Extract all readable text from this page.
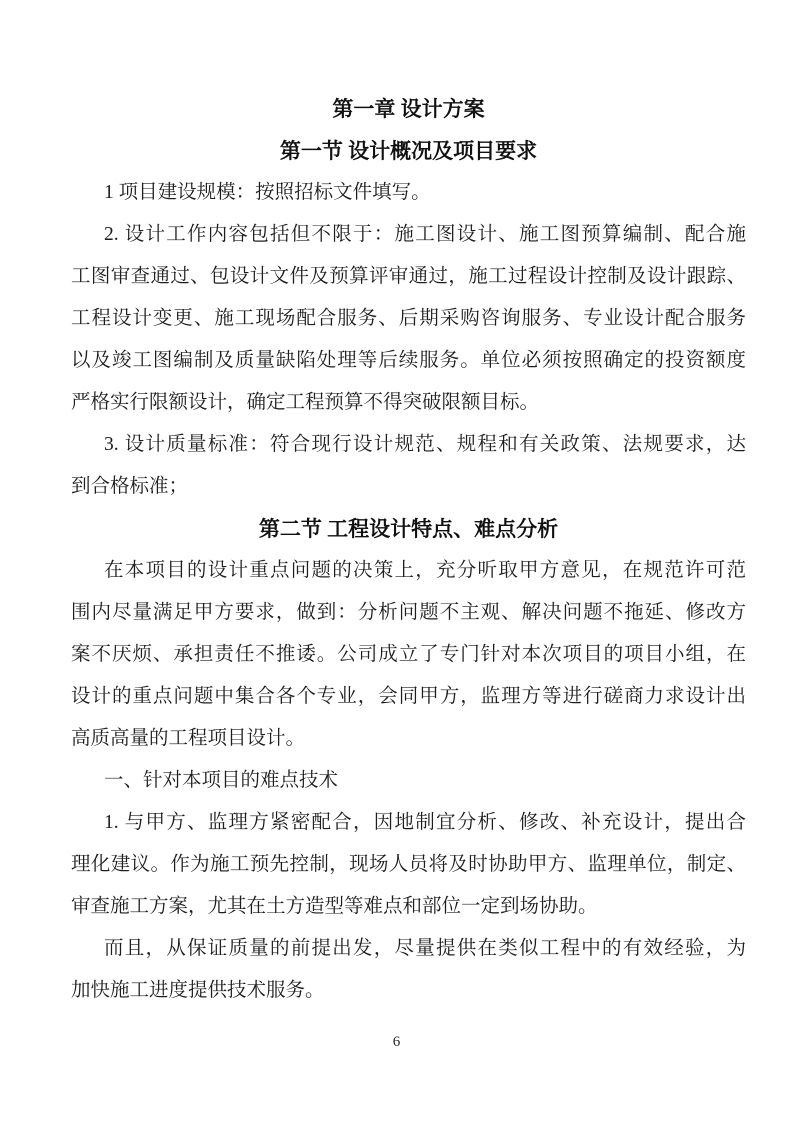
第一章 设计方案
第一节 设计概况及项目要求
1 项目建设规模：按照招标文件填写。
2. 设计工作内容包括但不限于：施工图设计、施工图预算编制、配合施
工图审查通过、包设计文件及预算评审通过，施工过程设计控制及设计跟踪、
工程设计变更、施工现场配合服务、后期采购咨询服务、专业设计配合服务
以及竣工图编制及质量缺陷处理等后续服务。单位必须按照确定的投资额度
严格实行限额设计，确定工程预算不得突破限额目标。
3. 设计质量标准：符合现行设计规范、规程和有关政策、法规要求，达
到合格标准；
第二节 工程设计特点、难点分析
在本项目的设计重点问题的决策上，充分听取甲方意见，在规范许可范
围内尽量满足甲方要求，做到：分析问题不主观、解决问题不拖延、修改方
案不厌烦、承担责任不推诿。公司成立了专门针对本次项目的项目小组，在
设计的重点问题中集合各个专业，会同甲方，监理方等进行磋商力求设计出
高质高量的工程项目设计。
一、针对本项目的难点技术
1. 与甲方、监理方紧密配合，因地制宜分析、修改、补充设计，提出合
理化建议。作为施工预先控制，现场人员将及时协助甲方、监理单位，制定、
审查施工方案，尤其在土方造型等难点和部位一定到场协助。
而且，从保证质量的前提出发，尽量提供在类似工程中的有效经验，为
加快施工进度提供技术服务。
6
